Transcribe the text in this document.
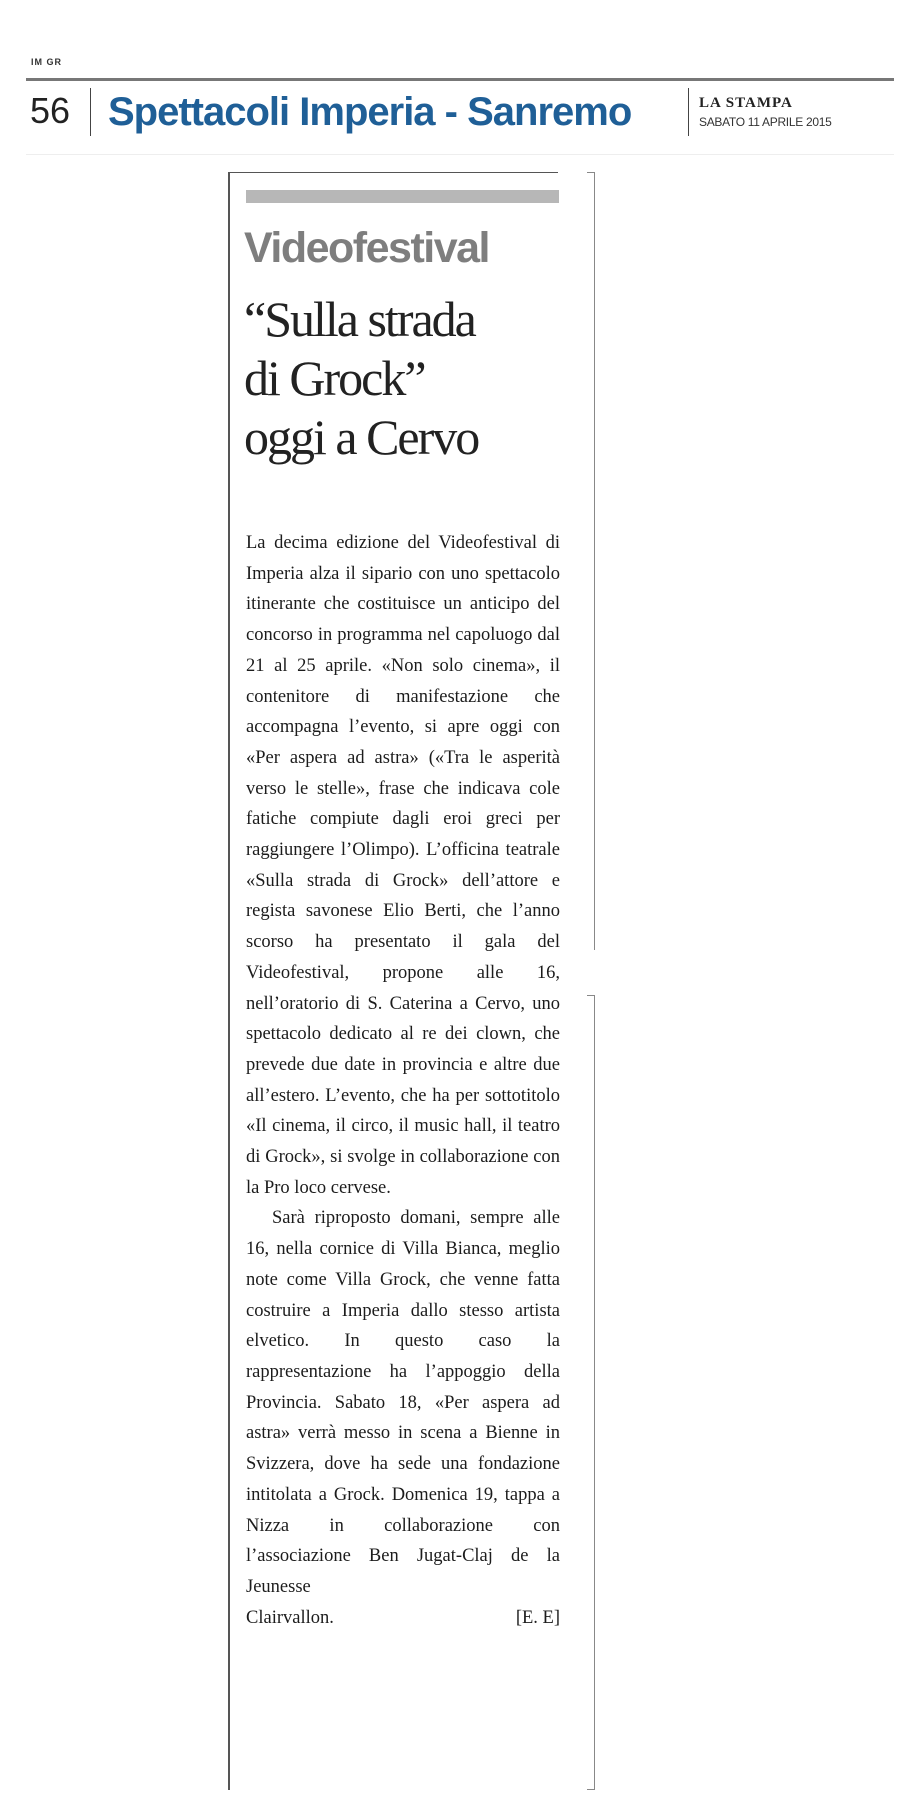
IM GR
56 Spettacoli Imperia - Sanremo	LA STAMPA
SABATO 11 APRILE 2015
Videofestival
“Sulla strada
di Grock”
oggi a Cervo

La decima edizione del Videofestival di Imperia alza il sipario con uno spettacolo itinerante che costituisce un anticipo del concorso in programma nel capoluogo dal 21 al 25 aprile. «Non solo cinema», il contenitore di manifestazione che accompagna l’evento, si apre oggi con «Per aspera ad astra» («Tra le asperità verso le stelle», frase che indicava cole fatiche compiute dagli eroi greci per raggiungere l’Olimpo). L’officina teatrale «Sulla strada di Grock» dell’attore e regista savonese Elio Berti, che l’anno scorso ha presentato il gala del Videofestival, propone alle 16, nell’oratorio di S. Caterina a Cervo, uno spettacolo dedicato al re dei clown, che prevede due date in provincia e altre due all’estero. L’evento, che ha per sottotitolo «Il cinema, il circo, il music hall, il teatro di Grock», si svolge in collaborazione con la Pro loco cervese.

Sarà riproposto domani, sempre alle 16, nella cornice di Villa Bianca, meglio note come Villa Grock, che venne fatta costruire a Imperia dallo stesso artista elvetico. In questo caso la rappresentazione ha l’appoggio della Provincia. Sabato 18, «Per aspera ad astra» verrà messo in scena a Bienne in Svizzera, dove ha sede una fondazione intitolata a Grock. Domenica 19, tappa a Nizza in collaborazione con l’associazione Ben Jugat-Claj de la Jeunesse

Clairvallon.	[E. E]
